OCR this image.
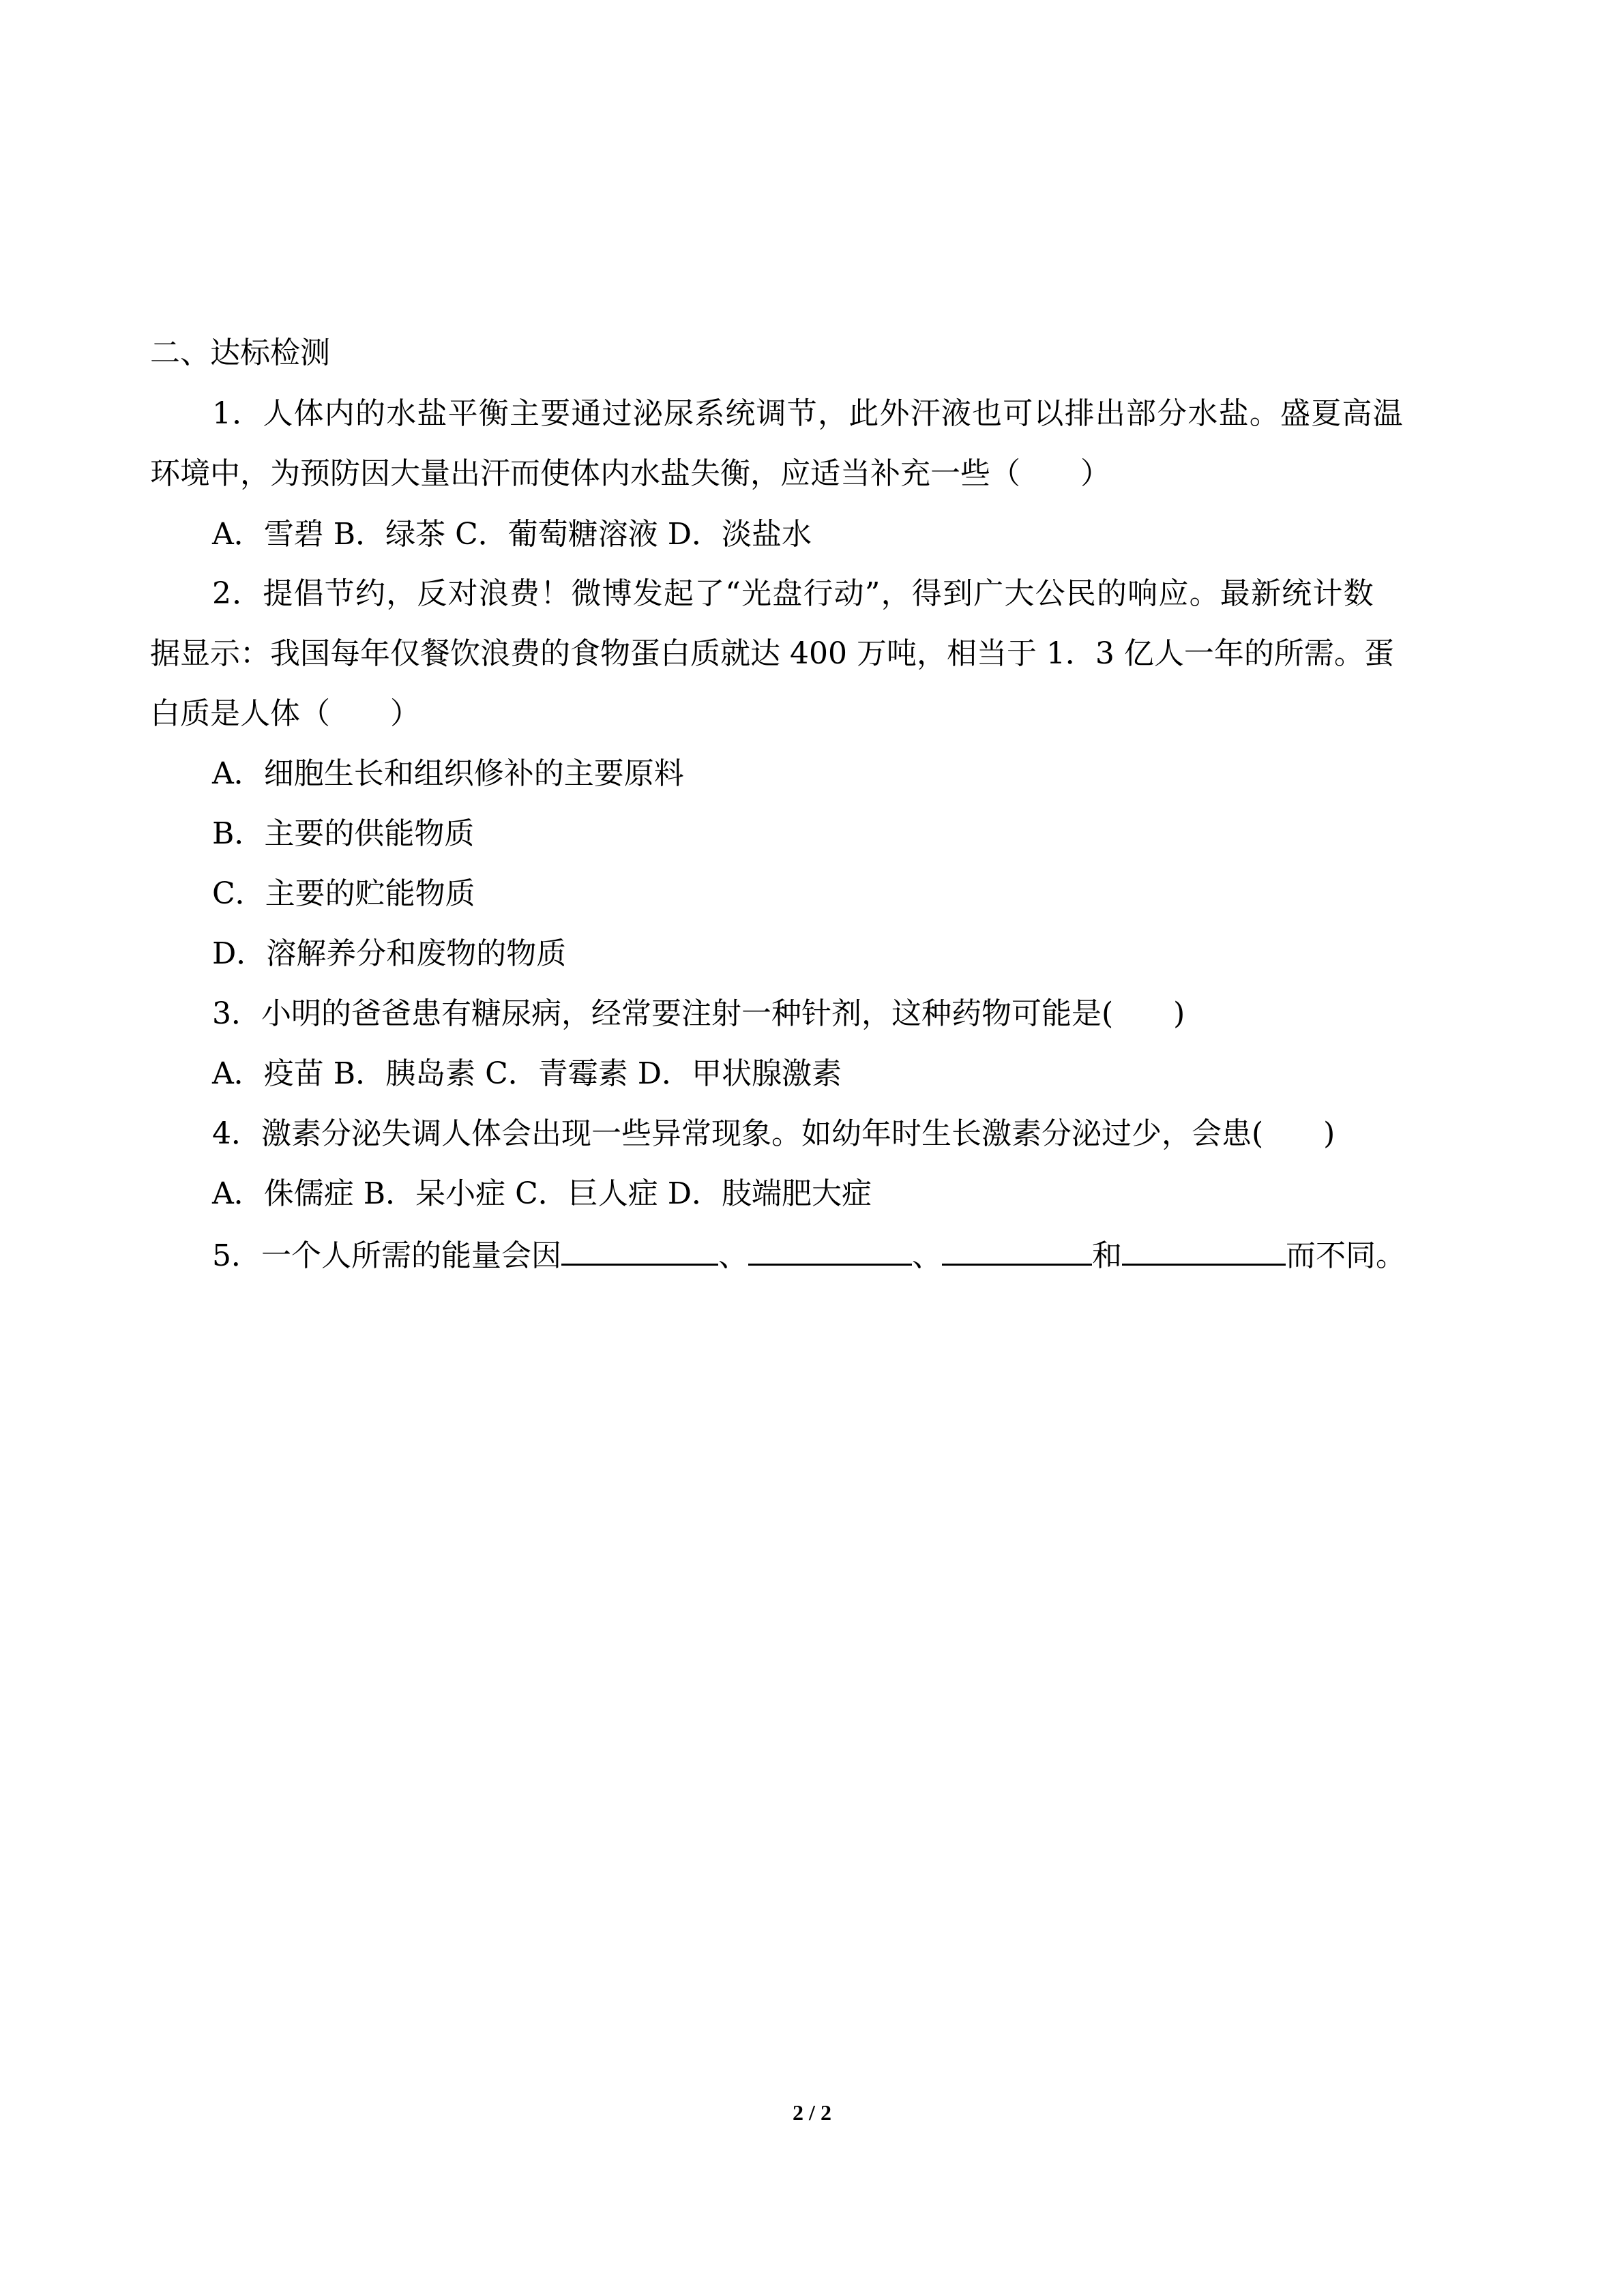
二、达标检测
1．人体内的水盐平衡主要通过泌尿系统调节，此外汗液也可以排出部分水盐。盛夏高温
环境中，为预防因大量出汗而使体内水盐失衡，应适当补充一些（　　）
A．雪碧 B．绿茶 C．葡萄糖溶液 D．淡盐水
2．提倡节约，反对浪费！微博发起了“光盘行动”，得到广大公民的响应。最新统计数
据显示：我国每年仅餐饮浪费的食物蛋白质就达 400 万吨，相当于 1．3 亿人一年的所需。蛋
白质是人体（　　）
A．细胞生长和组织修补的主要原料
B．主要的供能物质
C．主要的贮能物质
D．溶解养分和废物的物质
3．小明的爸爸患有糖尿病，经常要注射一种针剂，这种药物可能是(　　)
A．疫苗 B．胰岛素 C．青霉素 D．甲状腺激素
4．激素分泌失调人体会出现一些异常现象。如幼年时生长激素分泌过少，会患(　　)
A．侏儒症 B．呆小症 C．巨人症 D．肢端肥大症
5．一个人所需的能量会因	、	、	和	而不同。
2 / 2
